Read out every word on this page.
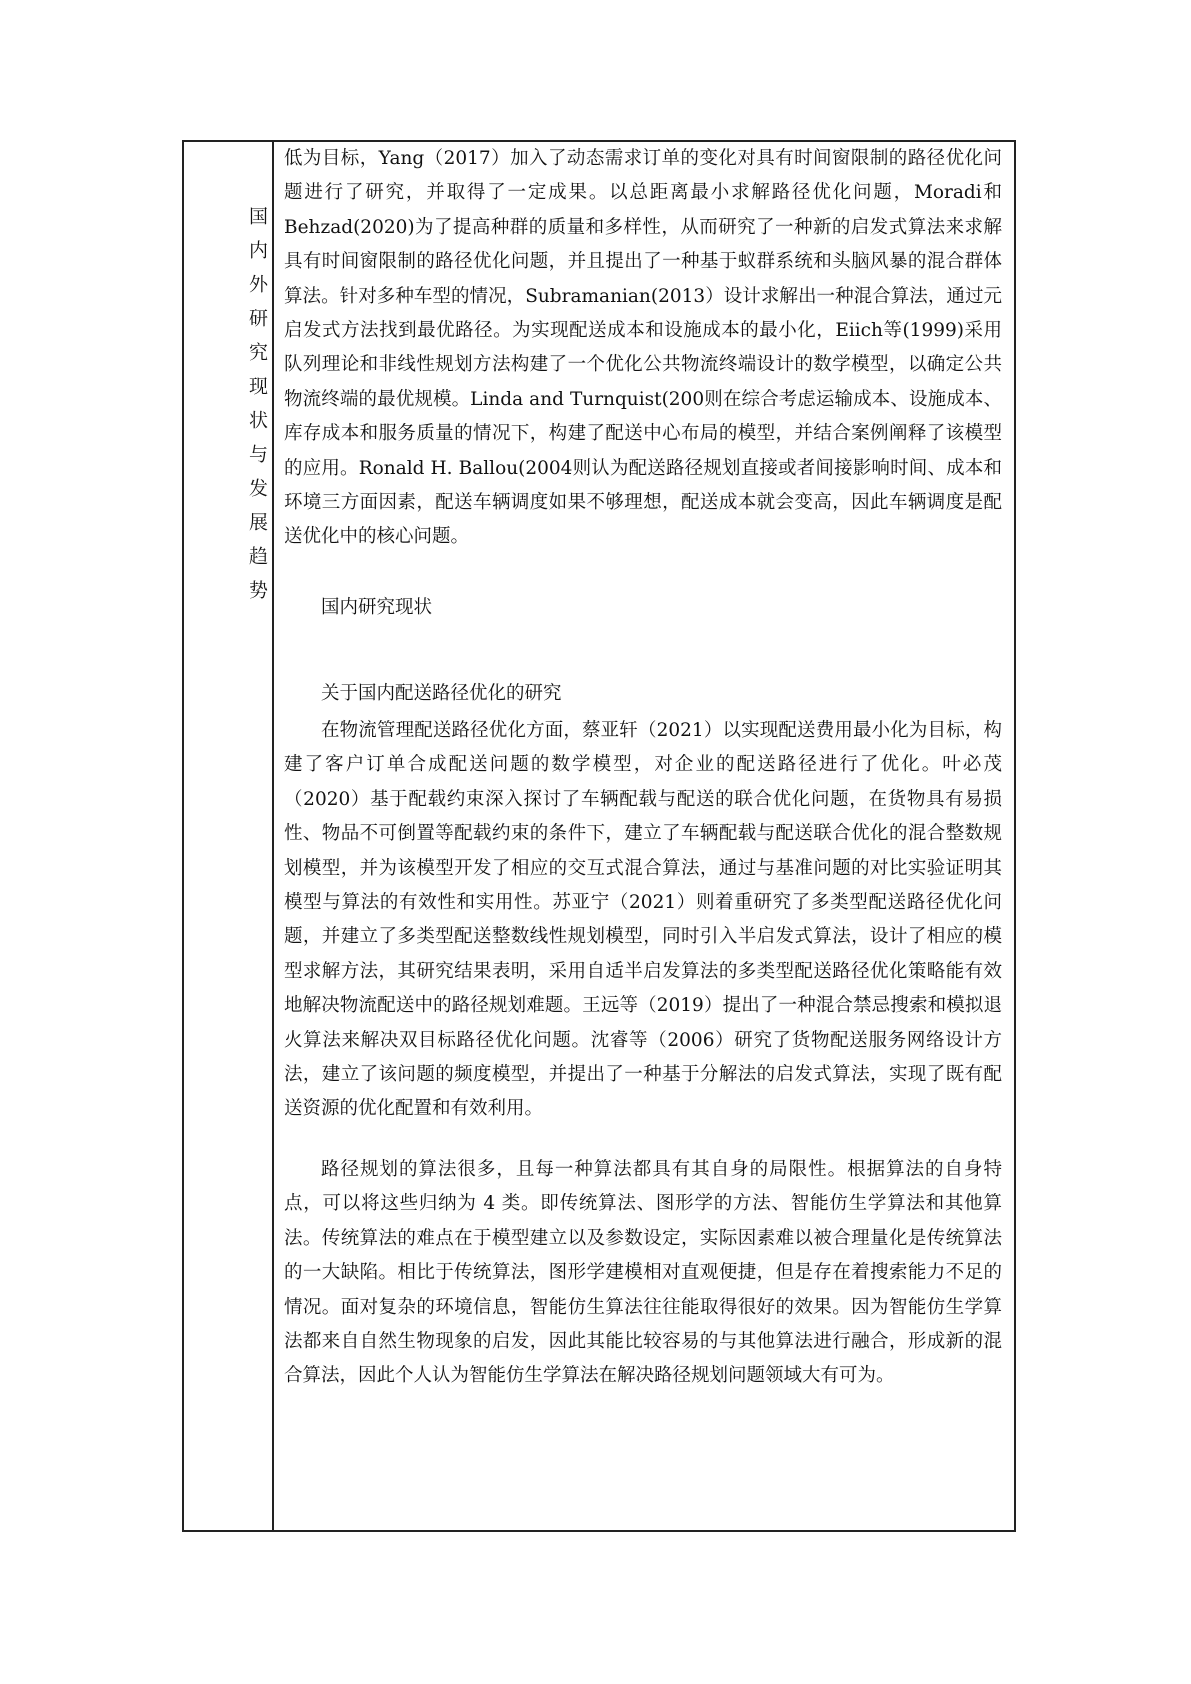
国内外研究现状与发展趋势

低为目标，Yang（2017）加入了动态需求订单的变化对具有时间窗限制的路径优化问题进行了研究，并取得了一定成果。以总距离最小求解路径优化问题，Moradi和Behzad(2020)为了提高种群的质量和多样性，从而研究了一种新的启发式算法来求解具有时间窗限制的路径优化问题，并且提出了一种基于蚁群系统和头脑风暴的混合群体算法。针对多种车型的情况，Subramanian(2013）设计求解出一种混合算法，通过元启发式方法找到最优路径。为实现配送成本和设施成本的最小化，Eiich等(1999)采用队列理论和非线性规划方法构建了一个优化公共物流终端设计的数学模型，以确定公共物流终端的最优规模。Linda and Turnquist(200则在综合考虑运输成本、设施成本、库存成本和服务质量的情况下，构建了配送中心布局的模型，并结合案例阐释了该模型的应用。Ronald H. Ballou(2004则认为配送路径规划直接或者间接影响时间、成本和环境三方面因素，配送车辆调度如果不够理想，配送成本就会变高，因此车辆调度是配送优化中的核心问题。

国内研究现状

关于国内配送路径优化的研究

在物流管理配送路径优化方面，蔡亚轩（2021）以实现配送费用最小化为目标，构建了客户订单合成配送问题的数学模型，对企业的配送路径进行了优化。叶必茂（2020）基于配载约束深入探讨了车辆配载与配送的联合优化问题，在货物具有易损性、物品不可倒置等配载约束的条件下，建立了车辆配载与配送联合优化的混合整数规划模型，并为该模型开发了相应的交互式混合算法，通过与基准问题的对比实验证明其模型与算法的有效性和实用性。苏亚宁（2021）则着重研究了多类型配送路径优化问题，并建立了多类型配送整数线性规划模型，同时引入半启发式算法，设计了相应的模型求解方法，其研究结果表明，采用自适半启发算法的多类型配送路径优化策略能有效地解决物流配送中的路径规划难题。王远等（2019）提出了一种混合禁忌搜索和模拟退火算法来解决双目标路径优化问题。沈睿等（2006）研究了货物配送服务网络设计方法，建立了该问题的频度模型，并提出了一种基于分解法的启发式算法，实现了既有配送资源的优化配置和有效利用。

路径规划的算法很多，且每一种算法都具有其自身的局限性。根据算法的自身特点，可以将这些归纳为 4 类。即传统算法、图形学的方法、智能仿生学算法和其他算法。传统算法的难点在于模型建立以及参数设定，实际因素难以被合理量化是传统算法的一大缺陷。相比于传统算法，图形学建模相对直观便捷，但是存在着搜索能力不足的情况。面对复杂的环境信息，智能仿生算法往往能取得很好的效果。因为智能仿生学算法都来自自然生物现象的启发，因此其能比较容易的与其他算法进行融合，形成新的混合算法，因此个人认为智能仿生学算法在解决路径规划问题领域大有可为。
